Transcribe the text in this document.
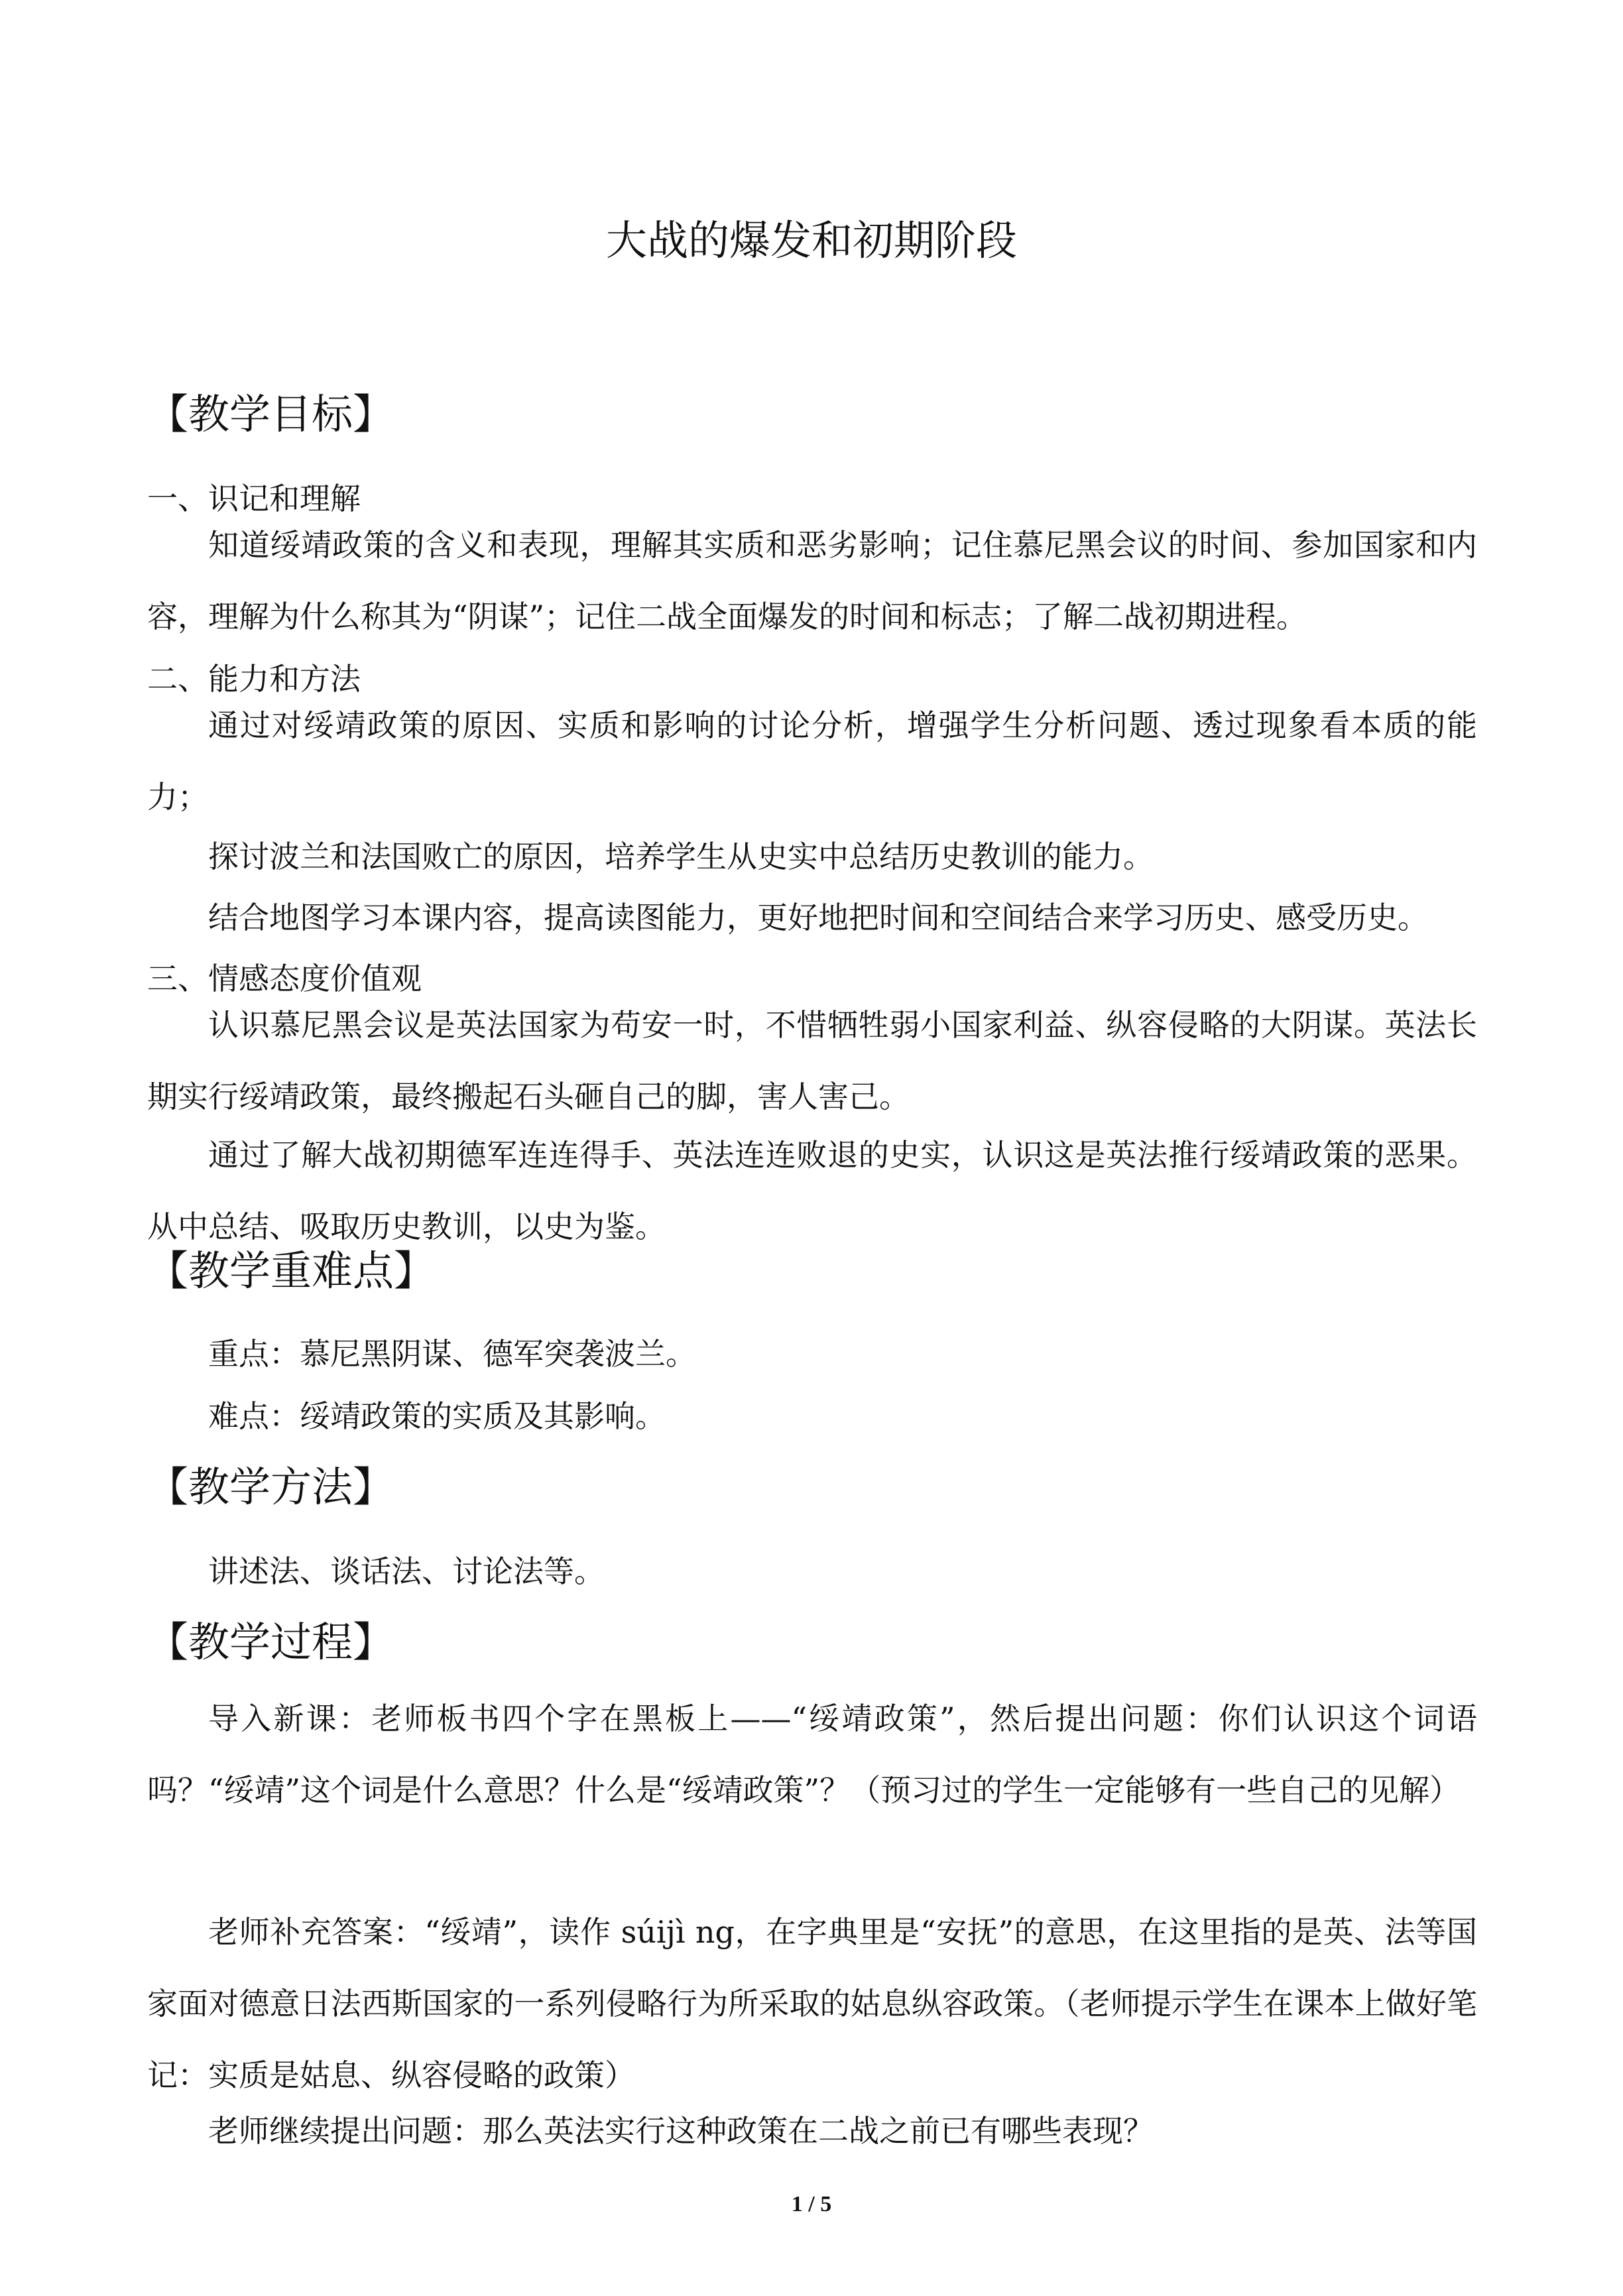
大战的爆发和初期阶段
【教学目标】
一、识记和理解
知道绥靖政策的含义和表现，理解其实质和恶劣影响；记住慕尼黑会议的时间、参加国家和内容，理解为什么称其为“阴谋”；记住二战全面爆发的时间和标志；了解二战初期进程。
二、能力和方法
通过对绥靖政策的原因、实质和影响的讨论分析，增强学生分析问题、透过现象看本质的能力；
探讨波兰和法国败亡的原因，培养学生从史实中总结历史教训的能力。
结合地图学习本课内容，提高读图能力，更好地把时间和空间结合来学习历史、感受历史。
三、情感态度价值观
认识慕尼黑会议是英法国家为苟安一时，不惜牺牲弱小国家利益、纵容侵略的大阴谋。英法长期实行绥靖政策，最终搬起石头砸自己的脚，害人害己。
通过了解大战初期德军连连得手、英法连连败退的史实，认识这是英法推行绥靖政策的恶果。从中总结、吸取历史教训，以史为鉴。
【教学重难点】
重点：慕尼黑阴谋、德军突袭波兰。
难点：绥靖政策的实质及其影响。
【教学方法】
讲述法、谈话法、讨论法等。
【教学过程】
导入新课：老师板书四个字在黑板上——“绥靖政策”，然后提出问题：你们认识这个词语吗？“绥靖”这个词是什么意思？什么是“绥靖政策”？（预习过的学生一定能够有一些自己的见解）
老师补充答案：“绥靖”，读作 súijì ng，在字典里是“安抚”的意思，在这里指的是英、法等国家面对德意日法西斯国家的一系列侵略行为所采取的姑息纵容政策。（老师提示学生在课本上做好笔记：实质是姑息、纵容侵略的政策）
老师继续提出问题：那么英法实行这种政策在二战之前已有哪些表现？
1 / 5
